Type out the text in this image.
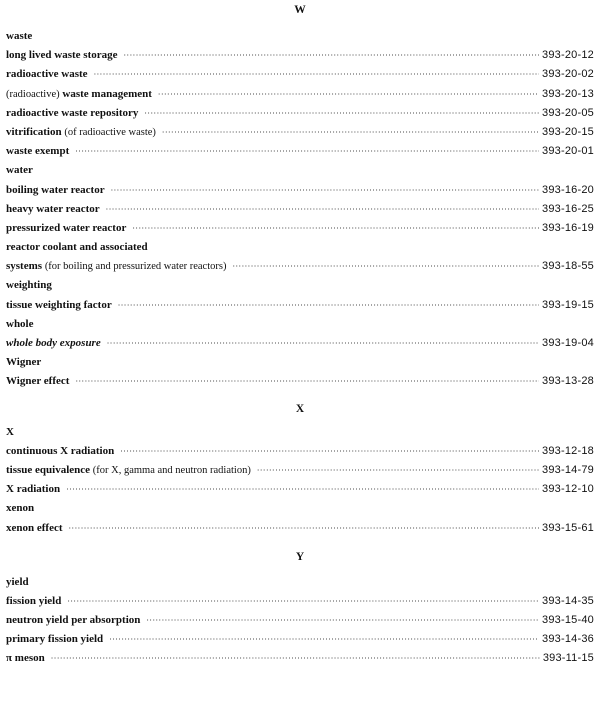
W
waste
long lived waste storage ·····	393-20-12
radioactive waste ·····	393-20-02
(radioactive) waste management ·····	393-20-13
radioactive waste repository ·····	393-20-05
vitrification (of radioactive waste) ·····	393-20-15
waste exempt ·····	393-20-01
water
boiling water reactor ·····	393-16-20
heavy water reactor ·····	393-16-25
pressurized water reactor ·····	393-16-19
reactor coolant and associated
systems (for boiling and pressurized water reactors) ·····	393-18-55
weighting
tissue weighting factor ·····	393-19-15
whole
whole body exposure ·····	393-19-04
Wigner
Wigner effect ·····	393-13-28
X
X
continuous X radiation ·····	393-12-18
tissue equivalence (for X, gamma and neutron radiation) ·····	393-14-79
X radiation ·····	393-12-10
xenon
xenon effect ·····	393-15-61
Y
yield
fission yield ·····	393-14-35
neutron yield per absorption ·····	393-15-40
primary fission yield ·····	393-14-36
π meson ·····	393-11-15
